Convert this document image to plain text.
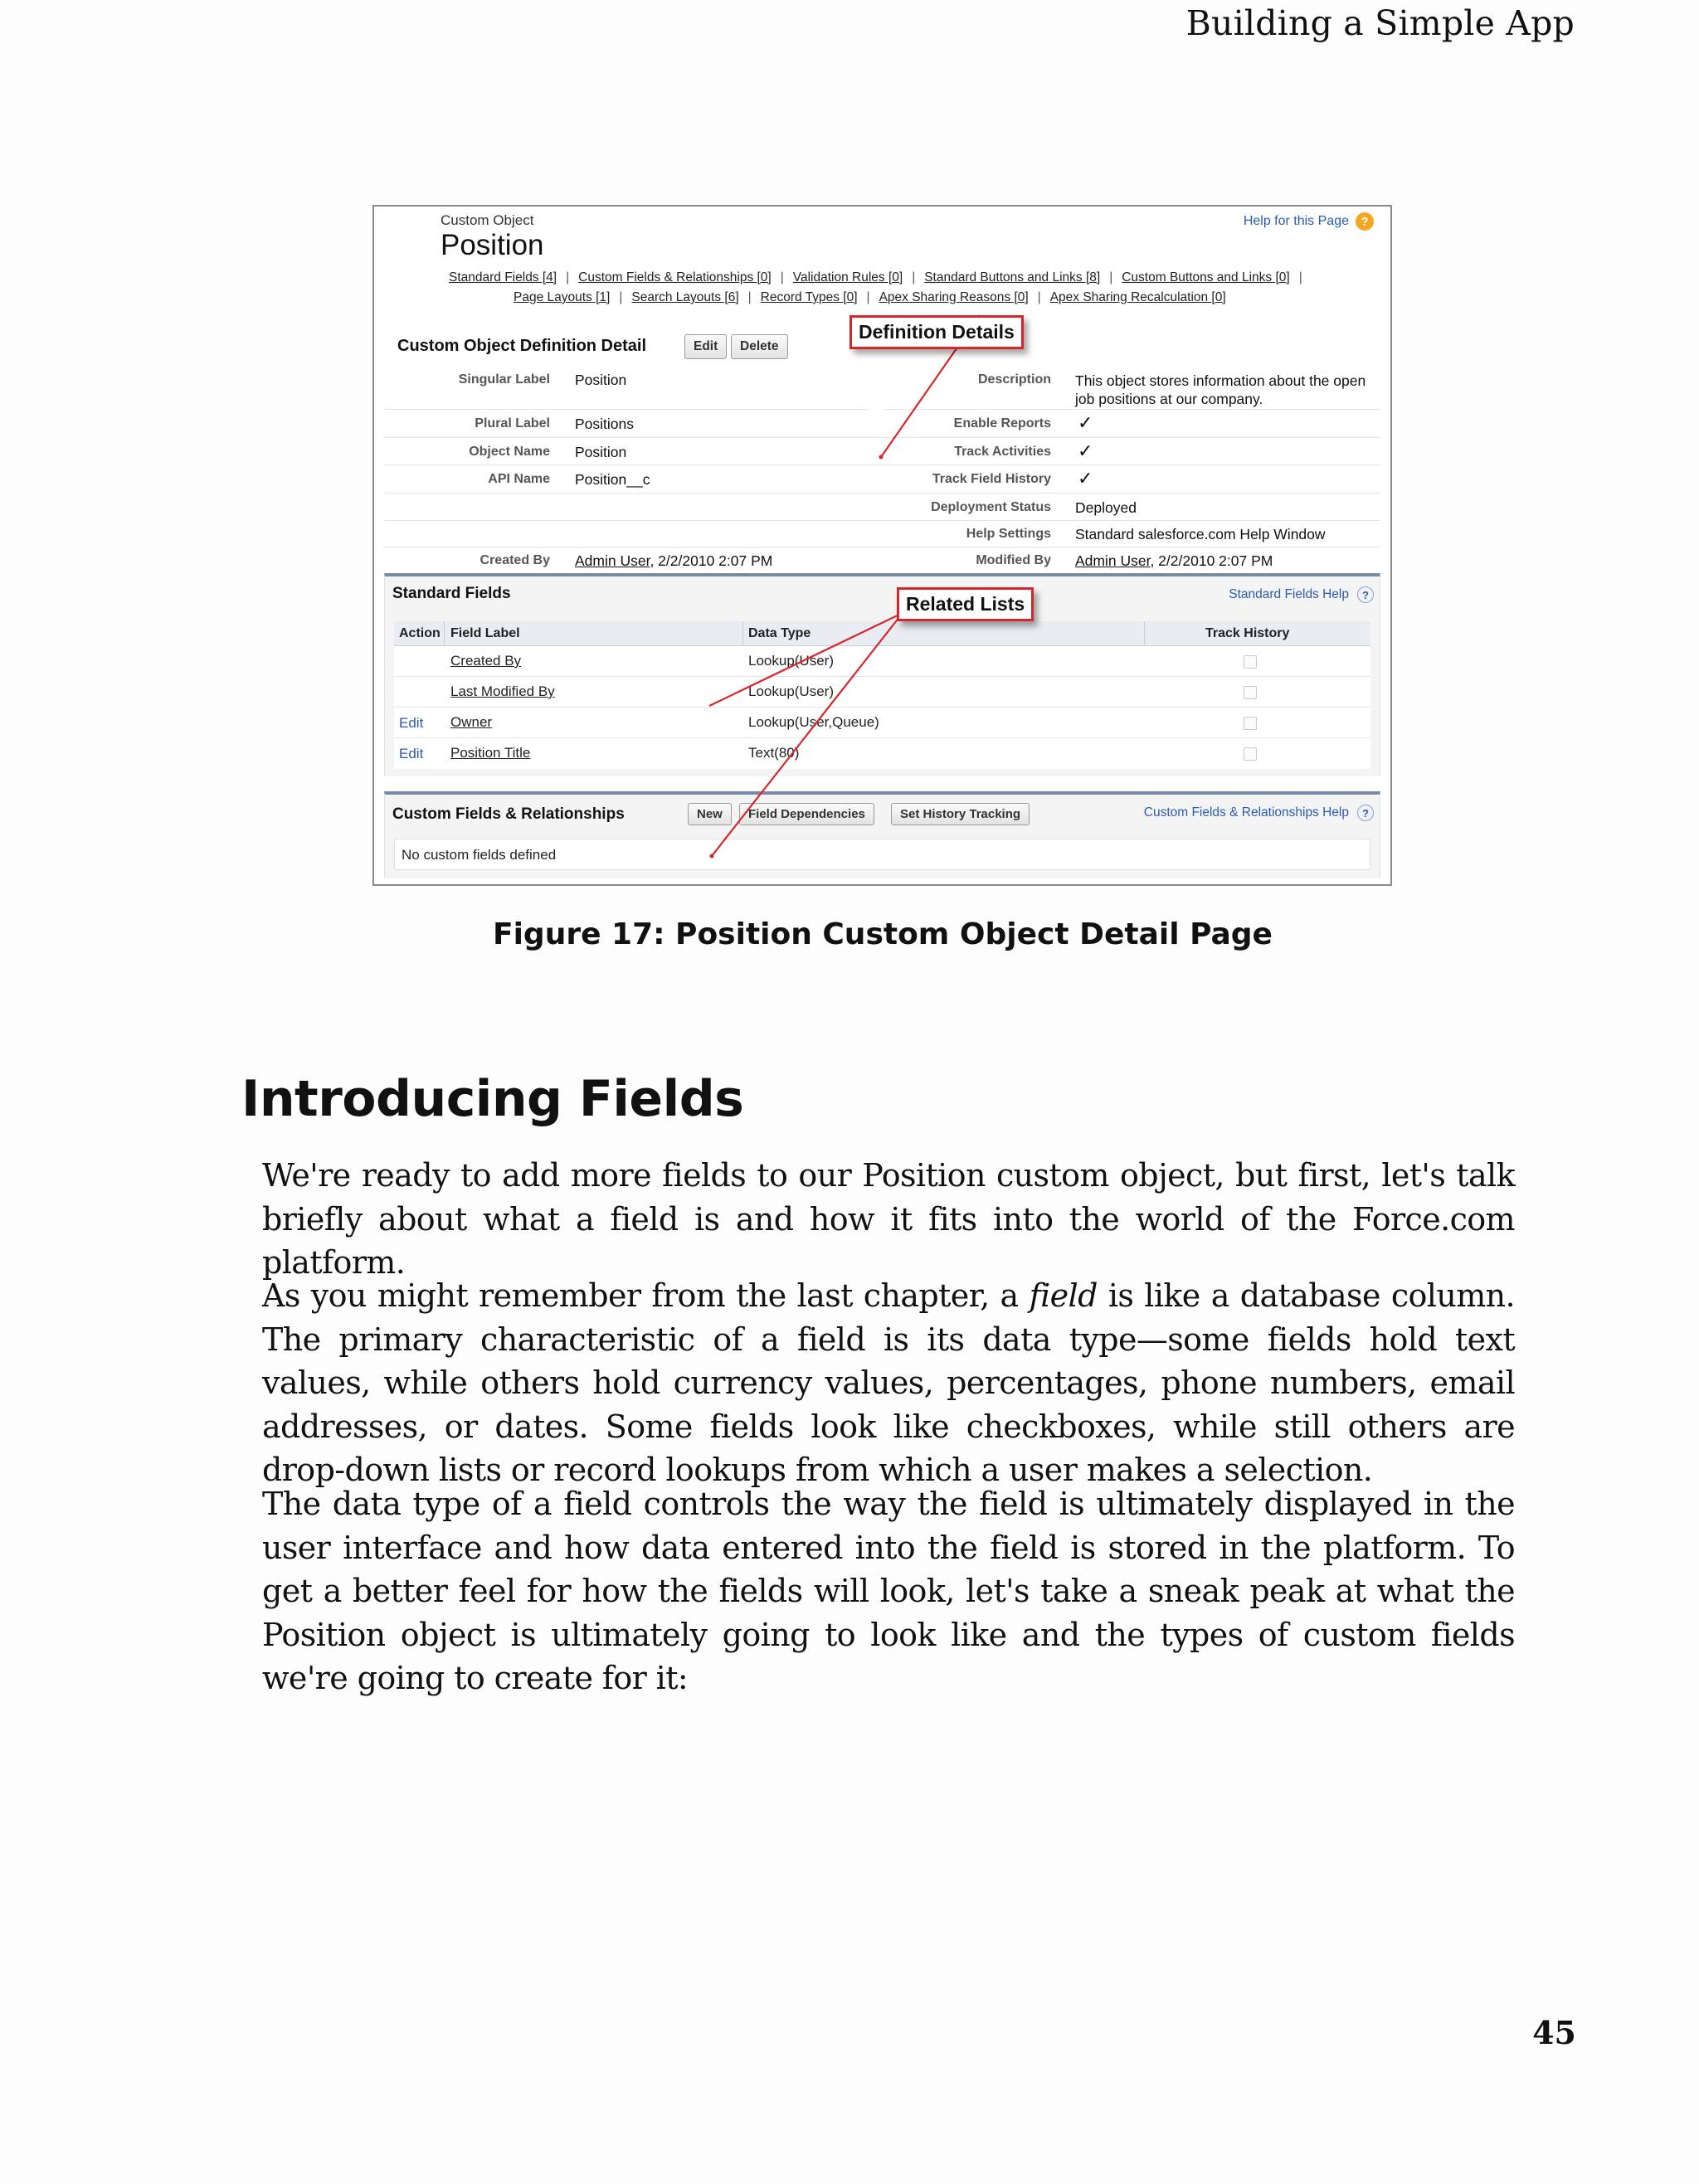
Building a Simple App
Custom Object
Position
Help for this Page ?
Standard Fields [4] | Custom Fields & Relationships [0] | Validation Rules [0] | Standard Buttons and Links [8] | Custom Buttons and Links [0] |
Page Layouts [1] | Search Layouts [6] | Record Types [0] | Apex Sharing Reasons [0] | Apex Sharing Recalculation [0]
Custom Object Definition Detail	Edit	Delete
Singular Label Position
Plural Label Positions
Object Name Position
API Name Position__c
Description This object stores information about the open job positions at our company.
Enable Reports ✓
Track Activities ✓
Track Field History ✓
Deployment Status Deployed
Help Settings Standard salesforce.com Help Window
Created By Admin User, 2/2/2010 2:07 PM	Modified By Admin User, 2/2/2010 2:07 PM
Standard Fields	Standard Fields Help	?
Action Field Label	Data Type	Track History
Created By	Lookup(User)
Last Modified By	Lookup(User)
Edit Owner	Lookup(User,Queue)
Edit Position Title	Text(80)
Custom Fields & Relationships	New	Field Dependencies	Set History Tracking	Custom Fields & Relationships Help	?
No custom fields defined
Definition Details
Related Lists
Figure 17: Position Custom Object Detail Page
Introducing Fields

We're ready to add more fields to our Position custom object, but first, let's talk briefly about what a field is and how it fits into the world of the Force.com platform.

As you might remember from the last chapter, a field is like a database column. The primary characteristic of a field is its data type—some fields hold text values, while others hold currency values, percentages, phone numbers, email addresses, or dates. Some fields look like checkboxes, while still others are drop-down lists or record lookups from which a user makes a selection.

The data type of a field controls the way the field is ultimately displayed in the user interface and how data entered into the field is stored in the platform. To get a better feel for how the fields will look, let's take a sneak peak at what the Position object is ultimately going to look like and the types of custom fields we're going to create for it:

45
